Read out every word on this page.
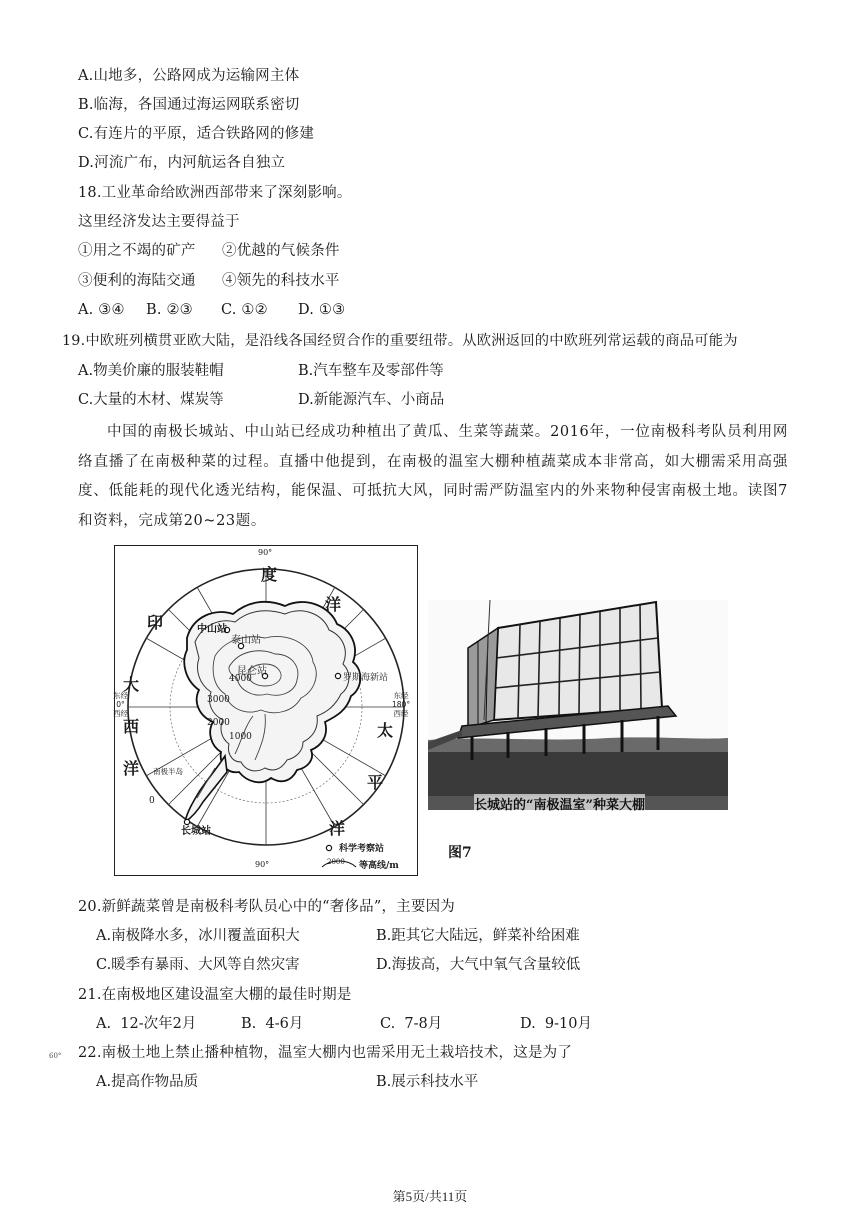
A.山地多，公路网成为运输网主体
B.临海，各国通过海运网联系密切
C.有连片的平原，适合铁路网的修建
D.河流广布，内河航运各自独立
18.工业革命给欧洲西部带来了深刻影响。
这里经济发达主要得益于
①用之不竭的矿产 ②优越的气候条件
③便利的海陆交通 ④领先的科技水平
A. ③④ B. ②③ C. ①② D. ①③
19.中欧班列横贯亚欧大陆，是沿线各国经贸合作的重要纽带。从欧洲返回的中欧班列常运载的商品可能为
A.物美价廉的服装鞋帽	B.汽车整车及零部件等
C.大量的木材、煤炭等	D.新能源汽车、小商品
中国的南极长城站、中山站已经成功种植出了黄瓜、生菜等蔬菜。2016年，一位南极科考队员利用网络直播了在南极种菜的过程。直播中他提到，在南极的温室大棚种植蔬菜成本非常高，如大棚需采用高强度、低能耗的现代化透光结构，能保温、可抵抗大风，同时需严防温室内的外来物种侵害南极土地。读图7和资料，完成第20~23题。
90°
90°
东经
0°
西经
东经
180°
西经
印
度
洋
大
西
洋
太
平
洋
中山站
泰山站
昆仑站
罗斯海新站
长城站
4000
3000
2000
1000
0
南极半岛
科学考察站
2000 等高线/m
长城站的“南极温室”种菜大棚
图7
20.新鲜蔬菜曾是南极科考队员心中的“奢侈品”，主要因为
A.南极降水多，冰川覆盖面积大	B.距其它大陆远，鲜菜补给困难
C.暖季有暴雨、大风等自然灾害	D.海拔高，大气中氧气含量较低
21.在南极地区建设温室大棚的最佳时期是
A.  12-次年2月	B.  4-6月	C.  7-8月	D.  9-10月
60° 22.南极土地上禁止播种植物，温室大棚内也需采用无土栽培技术，这是为了
A.提高作物品质	B.展示科技水平
第5页/共11页
